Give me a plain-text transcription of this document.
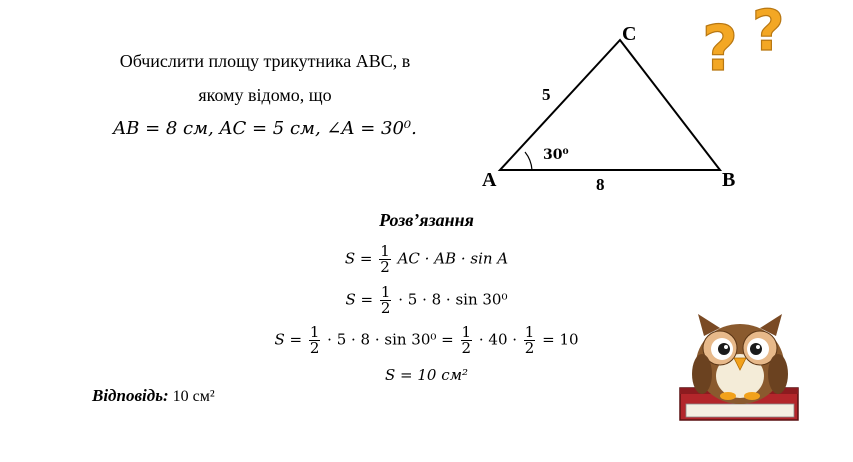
Обчислити площу трикутника ABC, в
якому відомо, що
AB = 8 см, AC = 5 см, ∠A = 30⁰.
A	B
C
5
8
30⁰
? ?
Розв’язання
$S = \frac{1}{2}$ AC · AB · sin A
$S = \frac{1}{2} \cdot 5 \cdot 8 \cdot \sin 30^0$
$S = \frac{1}{2} \cdot 5 \cdot 8 \cdot \sin 30^0 = \frac{1}{2} \cdot 40 \cdot \frac{1}{2} = 10$
S = 10 см²
Відповідь: 10 см²
